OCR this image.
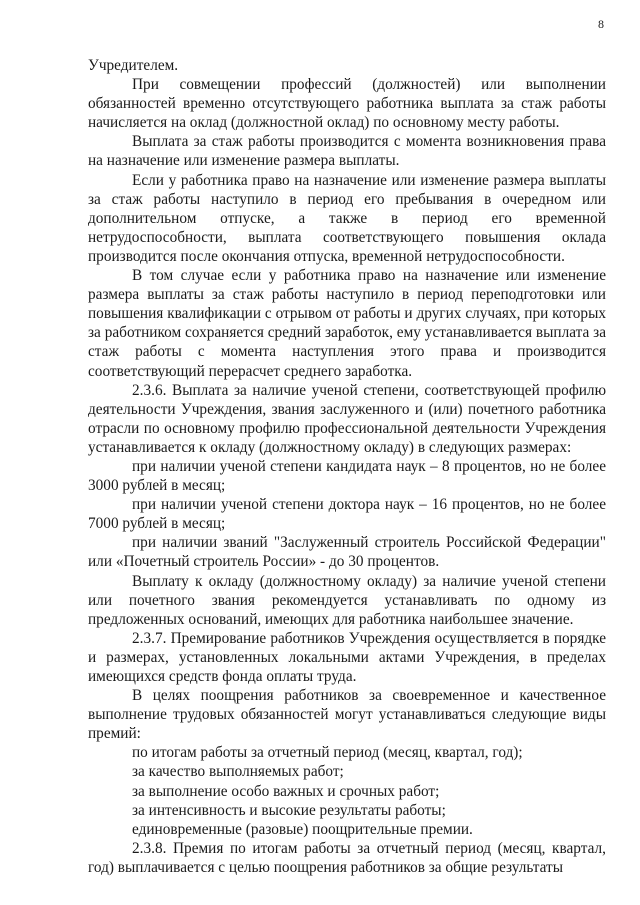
8

Учредителем.

При совмещении профессий (должностей) или выполнении обязанностей временно отсутствующего работника выплата за стаж работы начисляется на оклад (должностной оклад) по основному месту работы.

Выплата за стаж работы производится с момента возникновения права на назначение или изменение размера выплаты.

Если у работника право на назначение или изменение размера выплаты за стаж работы наступило в период его пребывания в очередном или дополнительном отпуске, а также в период его временной нетрудоспособности, выплата соответствующего повышения оклада производится после окончания отпуска, временной нетрудоспособности.

В том случае если у работника право на назначение или изменение размера выплаты за стаж работы наступило в период переподготовки или повышения квалификации с отрывом от работы и других случаях, при которых за работником сохраняется средний заработок, ему устанавливается выплата за стаж работы с момента наступления этого права и производится соответствующий перерасчет среднего заработка.

2.3.6. Выплата за наличие ученой степени, соответствующей профилю деятельности Учреждения, звания заслуженного и (или) почетного работника отрасли по основному профилю профессиональной деятельности Учреждения устанавливается к окладу (должностному окладу) в следующих размерах:

при наличии ученой степени кандидата наук – 8 процентов, но не более 3000 рублей в месяц;

при наличии ученой степени доктора наук – 16 процентов, но не более 7000 рублей в месяц;

при наличии званий "Заслуженный строитель Российской Федерации" или «Почетный строитель России» - до 30 процентов.

Выплату к окладу (должностному окладу) за наличие ученой степени или почетного звания рекомендуется устанавливать по одному из предложенных оснований, имеющих для работника наибольшее значение.

2.3.7. Премирование работников Учреждения осуществляется в порядке и размерах, установленных локальными актами Учреждения, в пределах имеющихся средств фонда оплаты труда.

В целях поощрения работников за своевременное и качественное выполнение трудовых обязанностей могут устанавливаться следующие виды премий:

по итогам работы за отчетный период (месяц, квартал, год);

за качество выполняемых работ;

за выполнение особо важных и срочных работ;

за интенсивность и высокие результаты работы;

единовременные (разовые) поощрительные премии.

2.3.8. Премия по итогам работы за отчетный период (месяц, квартал, год) выплачивается с целью поощрения работников за общие результаты
